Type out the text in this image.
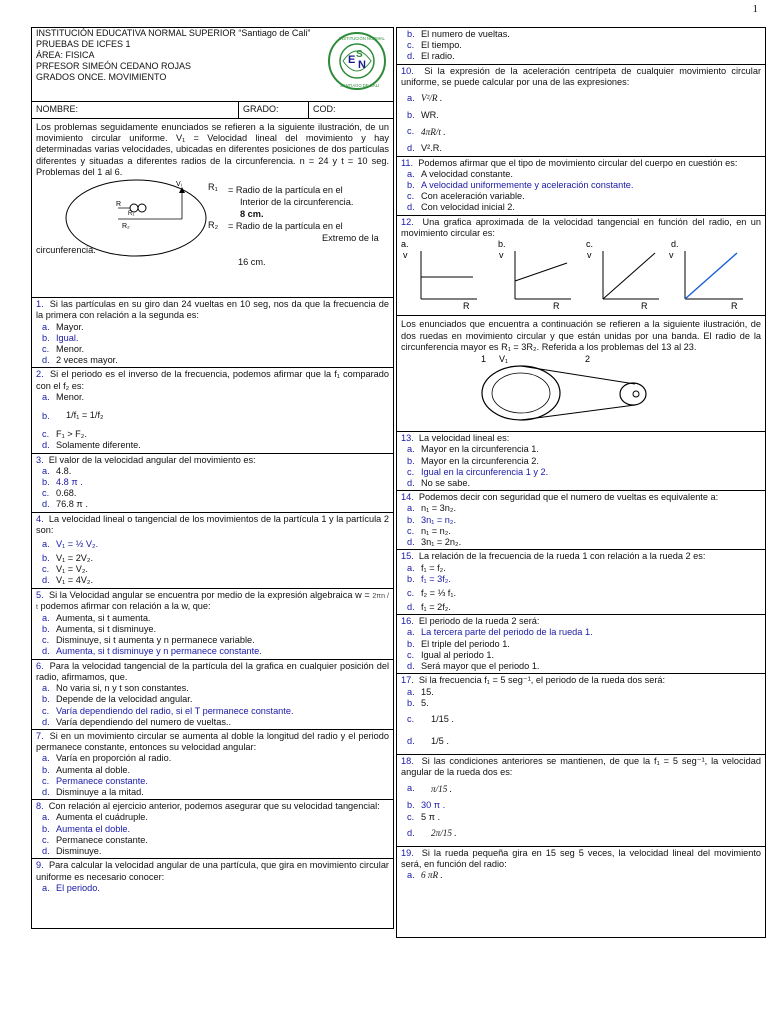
1
INSTITUCIÓN EDUCATIVA NORMAL SUPERIOR “Santiago de Cali”
PRUEBAS DE ICFES 1
ÁREA: FISICA
PRFESOR SIMEÓN CEDANO ROJAS
GRADOS ONCE. MOVIMIENTO
E S
N
INSTITUCIÓN NORMAL
SANTIAGO DE CALI
NOMBRE:	GRADO:	COD:
Los problemas seguidamente enunciados se refieren a la siguiente ilustración, de un movimiento circular uniforme. V₁ = Velocidad lineal del movimiento y hay determinadas varias velocidades, ubicadas en diferentes posiciones de dos partículas diferentes y situadas a diferentes radios de la circunferencia. n = 24 y t = 10 seg. Problemas del 1 al 6.
Vᵢ
R
R₁
R₂
R₁ = Radio de la partícula en el
Interior de la circunferencia.
8 cm.
R₂ = Radio de la partícula en el
Extremo de la
circunferencia.
16 cm.
1. Si las partículas en su giro dan 24 vueltas en 10 seg, nos da que la frecuencia de la primera con relación a la segunda es:
a. Mayor.
b. Igual.
c. Menor.
d. 2 veces mayor.
2. Si el periodo es el inverso de la frecuencia, podemos afirmar que la f₁ comparado con el f₂ es:
a. Menor.
b. 1/f₁ = 1/f₂
c. F₁ > F₂.
d. Solamente diferente.
3. El valor de la velocidad angular del movimiento es:
a. 4.8.
b. 4.8 π .
c. 0.68.
d. 76.8 π .
4. La velocidad lineal o tangencial de los movimientos de la partícula 1 y la partícula 2 son:
a. V₁ = ½ V₂.
b. V₁ = 2V₂.
c. V₁ = V₂.
d. V₁ = 4V₂.
5. Si la Velocidad angular se encuentra por medio de la expresión algebraica w = 2πn / t podemos afirmar con relación a la w, que:
a. Aumenta, si t aumenta.
b. Aumenta, si t disminuye.
c. Disminuye, si t aumenta y n permanece variable.
d. Aumenta, si t disminuye y n permanece constante.
6. Para la velocidad tangencial de la partícula del la grafica en cualquier posición del radio, afirmamos, que.
a. No varia si, n y t son constantes.
b. Depende de la velocidad angular.
c. Varía dependiendo del radio, si el T permanece constante.
d. Varía dependiendo del numero de vueltas..
7. Si en un movimiento circular se aumenta al doble la longitud del radio y el periodo permanece constante, entonces su velocidad angular:
a. Varía en proporción al radio.
b. Aumenta al doble.
c. Permanece constante.
d. Disminuye a la mitad.
8. Con relación al ejercicio anterior, podemos asegurar que su velocidad tangencial:
a. Aumenta el cuádruple.
b. Aumenta el doble.
c. Permanece constante.
d. Disminuye.
9. Para calcular la velocidad angular de una partícula, que gira en movimiento circular uniforme es necesario conocer:
a. El periodo.
b. El numero de vueltas.
c. El tiempo.
d. El radio.
10. Si la expresión de la aceleración centrípeta de cualquier movimiento circular uniforme, se puede calcular por una de las expresiones:
a. V²/R .
b. WR.
c. 4πR/t .
d. V².R.
11. Podemos afirmar que el tipo de movimiento circular del cuerpo en cuestión es:
a. A velocidad constante.
b. A velocidad uniformemente y aceleración constante.
c. Con aceleración variable.
d. Con velocidad inicial 2.
12. Una grafica aproximada de la velocidad tangencial en función del radio, en un movimiento circular es:
a.
v
R
b.
v
R
c.
v
R
d.
v
R
Los enunciados que encuentra a continuación se refieren a la siguiente ilustración, de dos ruedas en movimiento circular y que están unidas por una banda. El radio de la circunferencia mayor es R₁ = 3R₂. Referida a los problemas del 13 al 23.
1 V₁	2
13. La velocidad lineal es:
a. Mayor en la circunferencia 1.
b. Mayor en la circunferencia 2.
c. Igual en la circunferencia 1 y 2.
d. No se sabe.
14. Podemos decir con seguridad que el numero de vueltas es equivalente a:
a. n₁ = 3n₂.
b. 3n₁ = n₂.
c. n₁ = n₂.
d. 3n₁ = 2n₂.
15. La relación de la frecuencia de la rueda 1 con relación a la rueda 2 es:
a. f₁ = f₂.
b. f₁ = 3f₂.
c. f₂ = ⅓ f₁.
d. f₁ = 2f₂.
16. El periodo de la rueda 2 será:
a. La tercera parte del periodo de la rueda 1.
b. El triple del periodo 1.
c. Igual al periodo 1.
d. Será mayor que el periodo 1.
17. Si la frecuencia f₁ = 5 seg⁻¹, el periodo de la rueda dos será:
a. 15.
b. 5.
c. 1/15 .
d. 1/5 .
18. Si las condiciones anteriores se mantienen, de que la f₁ = 5 seg⁻¹, la velocidad angular de la rueda dos es:
a. π/15 .
b. 30 π .
c. 5 π .
d. 2π/15 .
19. Si la rueda pequeña gira en 15 seg 5 veces, la velocidad lineal del movimiento será, en función del radio:
a. 6 πR .
